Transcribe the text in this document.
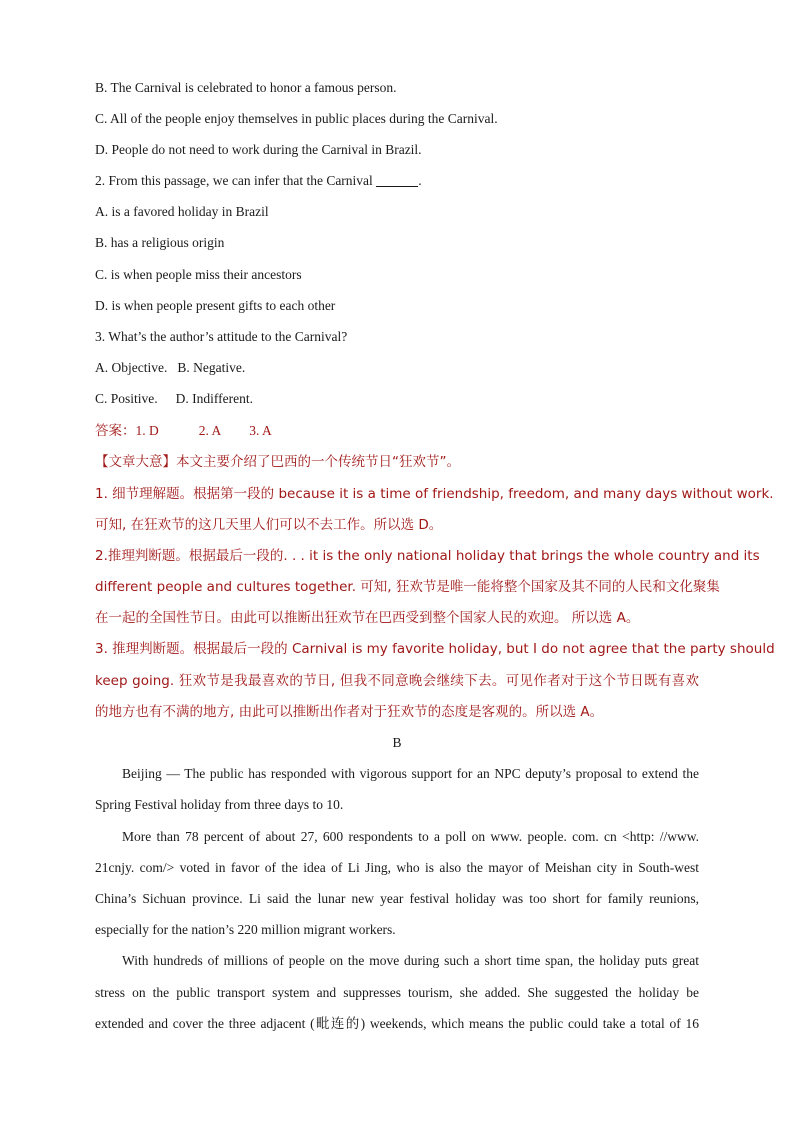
B. The Carnival is celebrated to honor a famous person.
C. All of the people enjoy themselves in public places during the Carnival.
D. People do not need to work during the Carnival in Brazil.
2. From this passage, we can infer that the Carnival	.
A. is a favored holiday in Brazil
B. has a religious origin
C. is when people miss their ancestors
D. is when people present gifts to each other
3. What’s the author’s attitude to the Carnival?
A. Objective. B. Negative.
C. Positive. D. Indifferent.
答案：1. D	2. A 3. A
【文章大意】本文主要介绍了巴西的一个传统节日“狂欢节”。
1. 细节理解题。根据第一段的 because it is a time of friendship, freedom, and many days without work.
可知, 在狂欢节的这几天里人们可以不去工作。所以选 D。
2.推理判断题。根据最后一段的. . . it is the only national holiday that brings the whole country and its
different people and cultures together. 可知, 狂欢节是唯一能将整个国家及其不同的人民和文化聚集
在一起的全国性节日。由此可以推断出狂欢节在巴西受到整个国家人民的欢迎。 所以选 A。
3. 推理判断题。根据最后一段的 Carnival is my favorite holiday, but I do not agree that the party should
keep going. 狂欢节是我最喜欢的节日, 但我不同意晚会继续下去。可见作者对于这个节日既有喜欢
的地方也有不满的地方, 由此可以推断出作者对于狂欢节的态度是客观的。所以选 A。
B
Beijing — The public has responded with vigorous support for an NPC deputy’s proposal to extend the
Spring Festival holiday from three days to 10.
More than 78 percent of about 27, 600 respondents to a poll on www. people. com. cn <http: //www.
21cnjy. com/> voted in favor of the idea of Li Jing, who is also the mayor of Meishan city in South-west
China’s Sichuan province. Li said the lunar new year festival holiday was too short for family reunions,
especially for the nation’s 220 million migrant workers.
With hundreds of millions of people on the move during such a short time span, the holiday puts great
stress on the public transport system and suppresses tourism, she added. She suggested the holiday be
extended and cover the three adjacent (毗连的) weekends, which means the public could take a total of 16
